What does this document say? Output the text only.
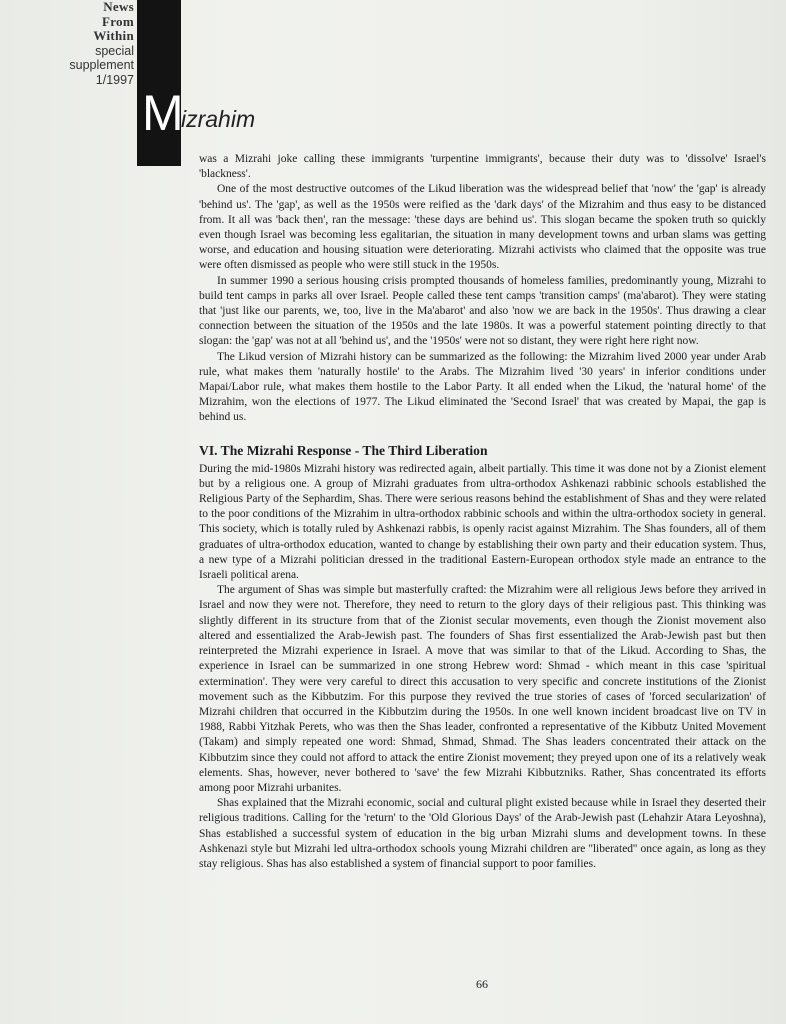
News
From
Within
special
supplement
1/1997
M
izrahim

was a Mizrahi joke calling these immigrants 'turpentine immigrants', because their duty was to 'dissolve' Israel's 'blackness'.

One of the most destructive outcomes of the Likud liberation was the widespread belief that 'now' the 'gap' is already 'behind us'. The 'gap', as well as the 1950s were reified as the 'dark days' of the Mizrahim and thus easy to be distanced from. It all was 'back then', ran the message: 'these days are behind us'. This slogan became the spoken truth so quickly even though Israel was becoming less egalitarian, the situation in many development towns and urban slams was getting worse, and education and housing situation were deteriorating. Mizrahi activists who claimed that the opposite was true were often dismissed as people who were still stuck in the 1950s.

In summer 1990 a serious housing crisis prompted thousands of homeless families, predominantly young, Mizrahi to build tent camps in parks all over Israel. People called these tent camps 'transition camps' (ma'abarot). They were stating that 'just like our parents, we, too, live in the Ma'abarot' and also 'now we are back in the 1950s'. Thus drawing a clear connection between the situation of the 1950s and the late 1980s. It was a powerful statement pointing directly to that slogan: the 'gap' was not at all 'behind us', and the '1950s' were not so distant, they were right here right now.

The Likud version of Mizrahi history can be summarized as the following: the Mizrahim lived 2000 year under Arab rule, what makes them 'naturally hostile' to the Arabs. The Mizrahim lived '30 years' in inferior conditions under Mapai/Labor rule, what makes them hostile to the Labor Party. It all ended when the Likud, the 'natural home' of the Mizrahim, won the elections of 1977. The Likud eliminated the 'Second Israel' that was created by Mapai, the gap is behind us.

VI. The Mizrahi Response - The Third Liberation

During the mid-1980s Mizrahi history was redirected again, albeit partially. This time it was done not by a Zionist element but by a religious one. A group of Mizrahi graduates from ultra-orthodox Ashkenazi rabbinic schools established the Religious Party of the Sephardim, Shas. There were serious reasons behind the establishment of Shas and they were related to the poor conditions of the Mizrahim in ultra-orthodox rabbinic schools and within the ultra-orthodox society in general. This society, which is totally ruled by Ashkenazi rabbis, is openly racist against Mizrahim. The Shas founders, all of them graduates of ultra-orthodox education, wanted to change by establishing their own party and their education system. Thus, a new type of a Mizrahi politician dressed in the traditional Eastern-European orthodox style made an entrance to the Israeli political arena.

The argument of Shas was simple but masterfully crafted: the Mizrahim were all religious Jews before they arrived in Israel and now they were not. Therefore, they need to return to the glory days of their religious past. This thinking was slightly different in its structure from that of the Zionist secular movements, even though the Zionist movement also altered and essentialized the Arab-Jewish past. The founders of Shas first essentialized the Arab-Jewish past but then reinterpreted the Mizrahi experience in Israel. A move that was similar to that of the Likud. According to Shas, the experience in Israel can be summarized in one strong Hebrew word: Shmad - which meant in this case 'spiritual extermination'. They were very careful to direct this accusation to very specific and concrete institutions of the Zionist movement such as the Kibbutzim. For this purpose they revived the true stories of cases of 'forced secularization' of Mizrahi children that occurred in the Kibbutzim during the 1950s. In one well known incident broadcast live on TV in 1988, Rabbi Yitzhak Perets, who was then the Shas leader, confronted a representative of the Kibbutz United Movement (Takam) and simply repeated one word: Shmad, Shmad, Shmad. The Shas leaders concentrated their attack on the Kibbutzim since they could not afford to attack the entire Zionist movement; they preyed upon one of its a relatively weak elements. Shas, however, never bothered to 'save' the few Mizrahi Kibbutzniks. Rather, Shas concentrated its efforts among poor Mizrahi urbanites.

Shas explained that the Mizrahi economic, social and cultural plight existed because while in Israel they deserted their religious traditions. Calling for the 'return' to the 'Old Glorious Days' of the Arab-Jewish past (Lehahzir Atara Leyoshna), Shas established a successful system of education in the big urban Mizrahi slums and development towns. In these Ashkenazi style but Mizrahi led ultra-orthodox schools young Mizrahi children are ''liberated'' once again, as long as they stay religious. Shas has also established a system of financial support to poor families.

66
